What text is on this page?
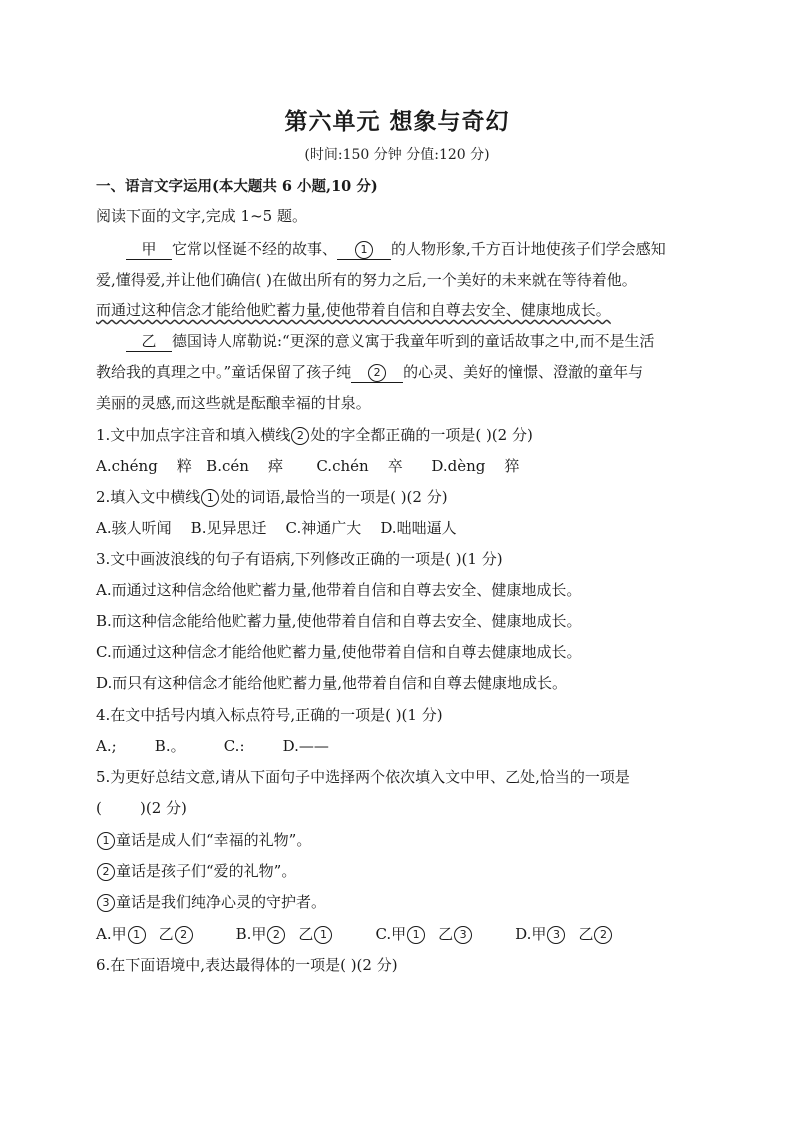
第六单元 想象与奇幻
(时间:150 分钟 分值:120 分)
一、语言文字运用(本大题共 6 小题,10 分)
阅读下面的文字,完成 1~5 题。
甲 它常以怪诞不经的故事、 1 的人物形象,千方百计地使孩子们学会感知
爱,懂得爱,并让他们确信( )在做出所有的努力之后,一个美好的未来就在等待着他。
而通过这种信念才能给他贮蓄力量,使他带着自信和自尊去安全、健康地成长。
乙 德国诗人席勒说:“更深的意义寓于我童年听到的童话故事之中,而不是生活
教给我的真理之中。”童话保留了孩子纯 2 的心灵、美好的憧憬、澄澈的童年与
美丽的灵感,而这些就是酝酿幸福的甘泉。
1.文中加点字注音和填入横线 2 处的字全都正确的一项是( )(2 分)
A.chéng    粹   B.cén    瘁       C.chén    卒      D.dèng    猝
2.填入文中横线 1 处的词语,最恰当的一项是( )(2 分)
A.骇人听闻    B.见异思迁    C.神通广大    D.咄咄逼人
3.文中画波浪线的句子有语病,下列修改正确的一项是( )(1 分)
A.而通过这种信念给他贮蓄力量,他带着自信和自尊去安全、健康地成长。
B.而这种信念能给他贮蓄力量,使他带着自信和自尊去安全、健康地成长。
C.而通过这种信念才能给他贮蓄力量,使他带着自信和自尊去健康地成长。
D.而只有这种信念才能给他贮蓄力量,他带着自信和自尊去健康地成长。
4.在文中括号内填入标点符号,正确的一项是( )(1 分)
A.;        B.。        C.:        D.——
5.为更好总结文意,请从下面句子中选择两个依次填入文中甲、乙处,恰当的一项是
(        )(2 分)
1 童话是成人们“幸福的礼物”。
2 童话是孩子们“爱的礼物”。
3 童话是我们纯净心灵的守护者。
A.甲 1 乙 2	B.甲 2 乙 1	C.甲 1 乙 3	D.甲 3 乙 2
6.在下面语境中,表达最得体的一项是( )(2 分)
